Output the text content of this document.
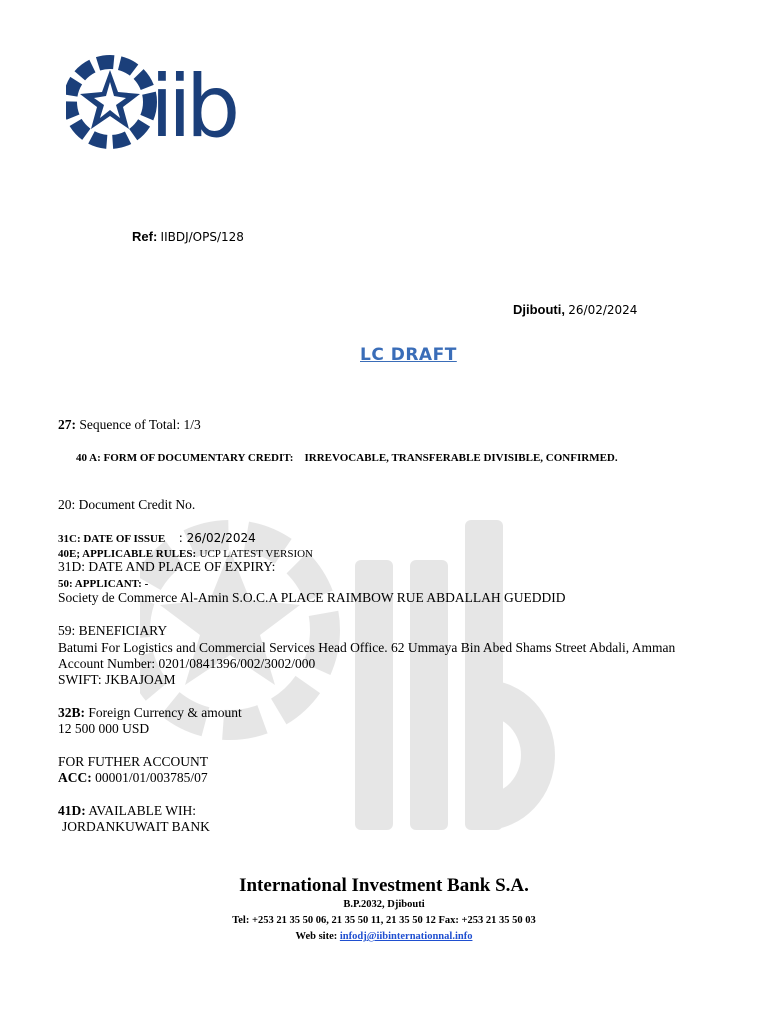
iib
iib
Ref: IIBDJ/OPS/128
Djibouti, 26/02/2024
LC DRAFT
27: Sequence of Total: 1/3
40 A: FORM OF DOCUMENTARY CREDIT: IRREVOCABLE, TRANSFERABLE DIVISIBLE, CONFIRMED.
20: Document Credit No.
31C: DATE OF ISSUE : 26/02/2024
40E; APPLICABLE RULES: UCP LATEST VERSION
31D: DATE AND PLACE OF EXPIRY:
50: APPLICANT: -
Society de Commerce Al-Amin S.O.C.A PLACE RAIMBOW RUE ABDALLAH GUEDDID
59: BENEFICIARY
Batumi For Logistics and Commercial Services Head Office. 62 Ummaya Bin Abed Shams Street Abdali, Amman
Account Number: 0201/0841396/002/3002/000
SWIFT: JKBAJOAM
32B: Foreign Currency & amount
12 500 000 USD
FOR FUTHER ACCOUNT
ACC: 00001/01/003785/07
41D: AVAILABLE WIH:
JORDANKUWAIT BANK
International Investment Bank S.A.
B.P.2032, Djibouti
Tel: +253 21 35 50 06, 21 35 50 11, 21 35 50 12 Fax: +253 21 35 50 03
Web site: infodj@iibinternationnal.info
